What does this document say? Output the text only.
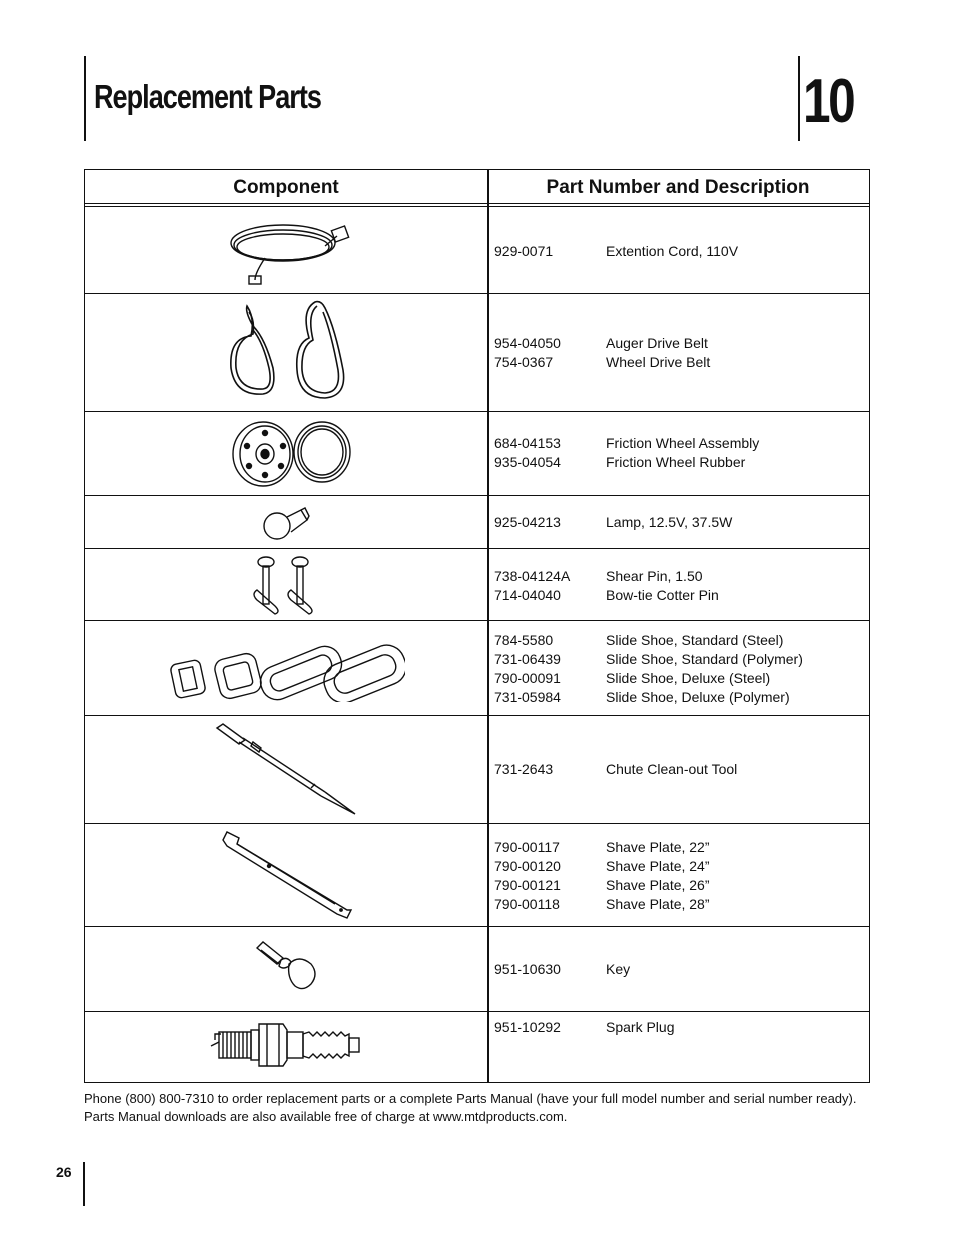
Replacement Parts	10
Component	Part Number and Description
929-0071	Extention Cord, 110V
954-04050	Auger Drive Belt
754-0367	Wheel Drive Belt
684-04153	Friction Wheel Assembly
935-04054	Friction Wheel Rubber
925-04213	Lamp, 12.5V, 37.5W
738-04124A	Shear Pin, 1.50
714-04040	Bow-tie Cotter Pin
784-5580	Slide Shoe, Standard (Steel)
731-06439	Slide Shoe, Standard (Polymer)
790-00091	Slide Shoe, Deluxe (Steel)
731-05984	Slide Shoe, Deluxe (Polymer)
731-2643	Chute Clean-out Tool
790-00117	Shave Plate, 22”
790-00120	Shave Plate, 24”
790-00121	Shave Plate, 26”
790-00118	Shave Plate, 28”
951-10630	Key
951-10292	Spark Plug
Phone (800) 800-7310 to order replacement parts or a complete Parts Manual (have your full model number and serial number ready).
Parts Manual downloads are also available free of charge at www.mtdproducts.com.
26
